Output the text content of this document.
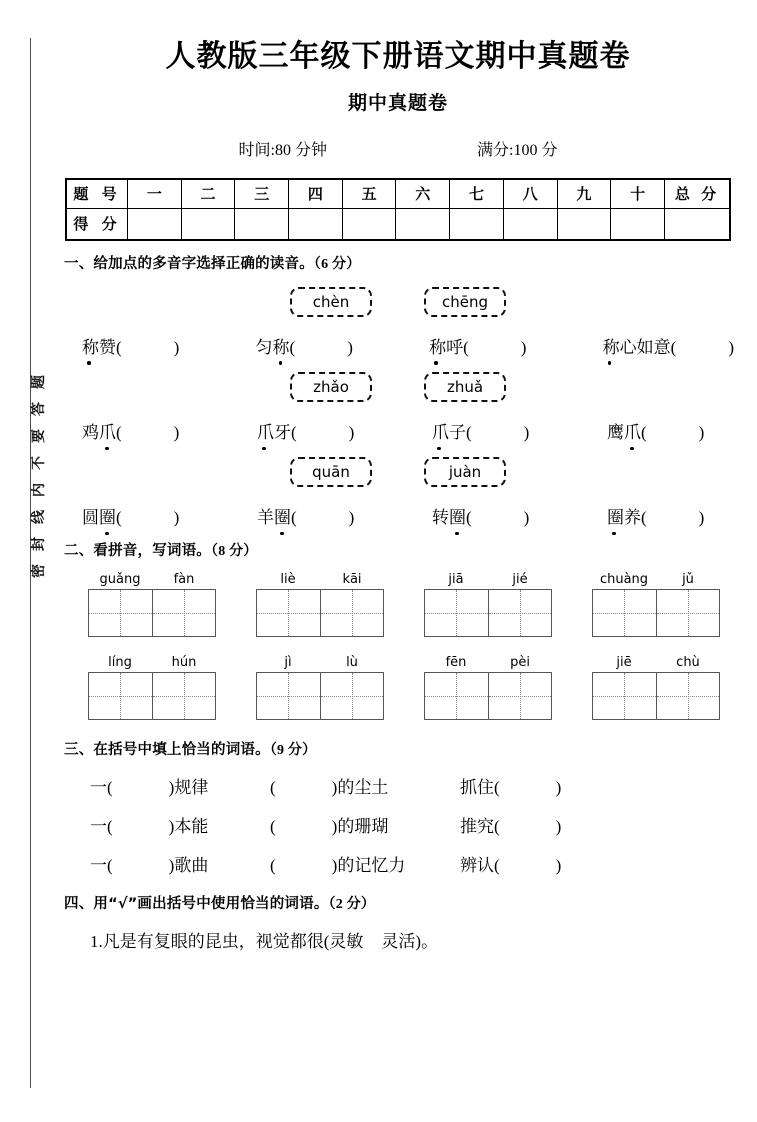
密封线内不要答题
人教版三年级下册语文期中真题卷
期中真题卷
时间:80 分钟	满分:100 分
题 号	一	二	三	四	五	六	七	八	九	十	总 分
得 分											
一、给加点的多音字选择正确的读音。（6 分）
chèn	chēng
称赞(	)	匀称(	)	称呼(	)	称心如意(	)
zhǎo	zhuǎ
鸡爪(	)	爪牙(	)	爪子(	)	鹰爪(	)
quān	juàn
圆圈(	)	羊圈(	)	转圈(	)	圈养(	)
二、看拼音，写词语。（8 分）
guǎng	fàn	liè	kāi	jiā	jié	chuàng	jǔ
líng	hún	jì	lù	fēn	pèi	jiē	chù
三、在括号中填上恰当的词语。（9 分）
一(	)规律	(	)的尘土	抓住(	)
一(	)本能	(	)的珊瑚	推究(	)
一(	)歌曲	(	)的记忆力	辨认(	)
四、用“√”画出括号中使用恰当的词语。（2 分）
1.凡是有复眼的昆虫，视觉都很(灵敏 灵活)。
